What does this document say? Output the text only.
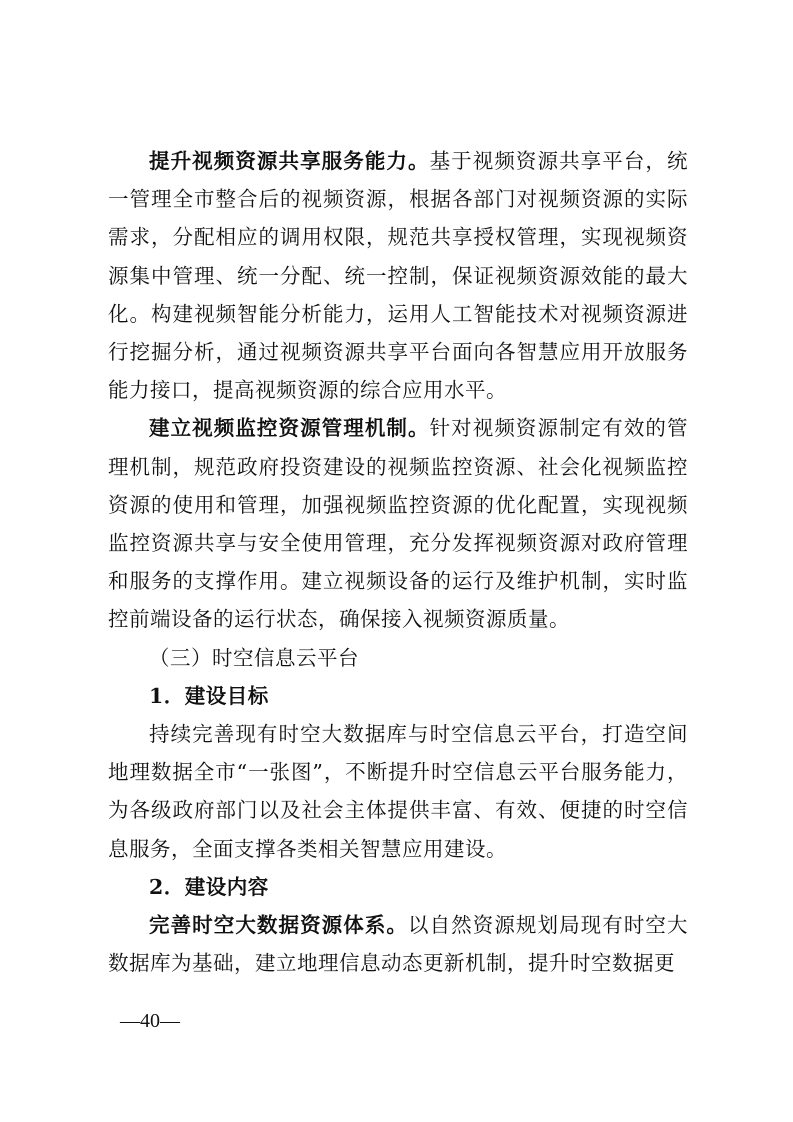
提升视频资源共享服务能力。基于视频资源共享平台，统一管理全市整合后的视频资源，根据各部门对视频资源的实际需求，分配相应的调用权限，规范共享授权管理，实现视频资源集中管理、统一分配、统一控制，保证视频资源效能的最大化。构建视频智能分析能力，运用人工智能技术对视频资源进行挖掘分析，通过视频资源共享平台面向各智慧应用开放服务能力接口，提高视频资源的综合应用水平。

建立视频监控资源管理机制。针对视频资源制定有效的管理机制，规范政府投资建设的视频监控资源、社会化视频监控资源的使用和管理，加强视频监控资源的优化配置，实现视频监控资源共享与安全使用管理，充分发挥视频资源对政府管理和服务的支撑作用。建立视频设备的运行及维护机制，实时监控前端设备的运行状态，确保接入视频资源质量。

（三）时空信息云平台

1．建设目标

持续完善现有时空大数据库与时空信息云平台，打造空间地理数据全市“一张图”，不断提升时空信息云平台服务能力，为各级政府部门以及社会主体提供丰富、有效、便捷的时空信息服务，全面支撑各类相关智慧应用建设。

2．建设内容

完善时空大数据资源体系。以自然资源规划局现有时空大数据库为基础，建立地理信息动态更新机制，提升时空数据更

—40—
